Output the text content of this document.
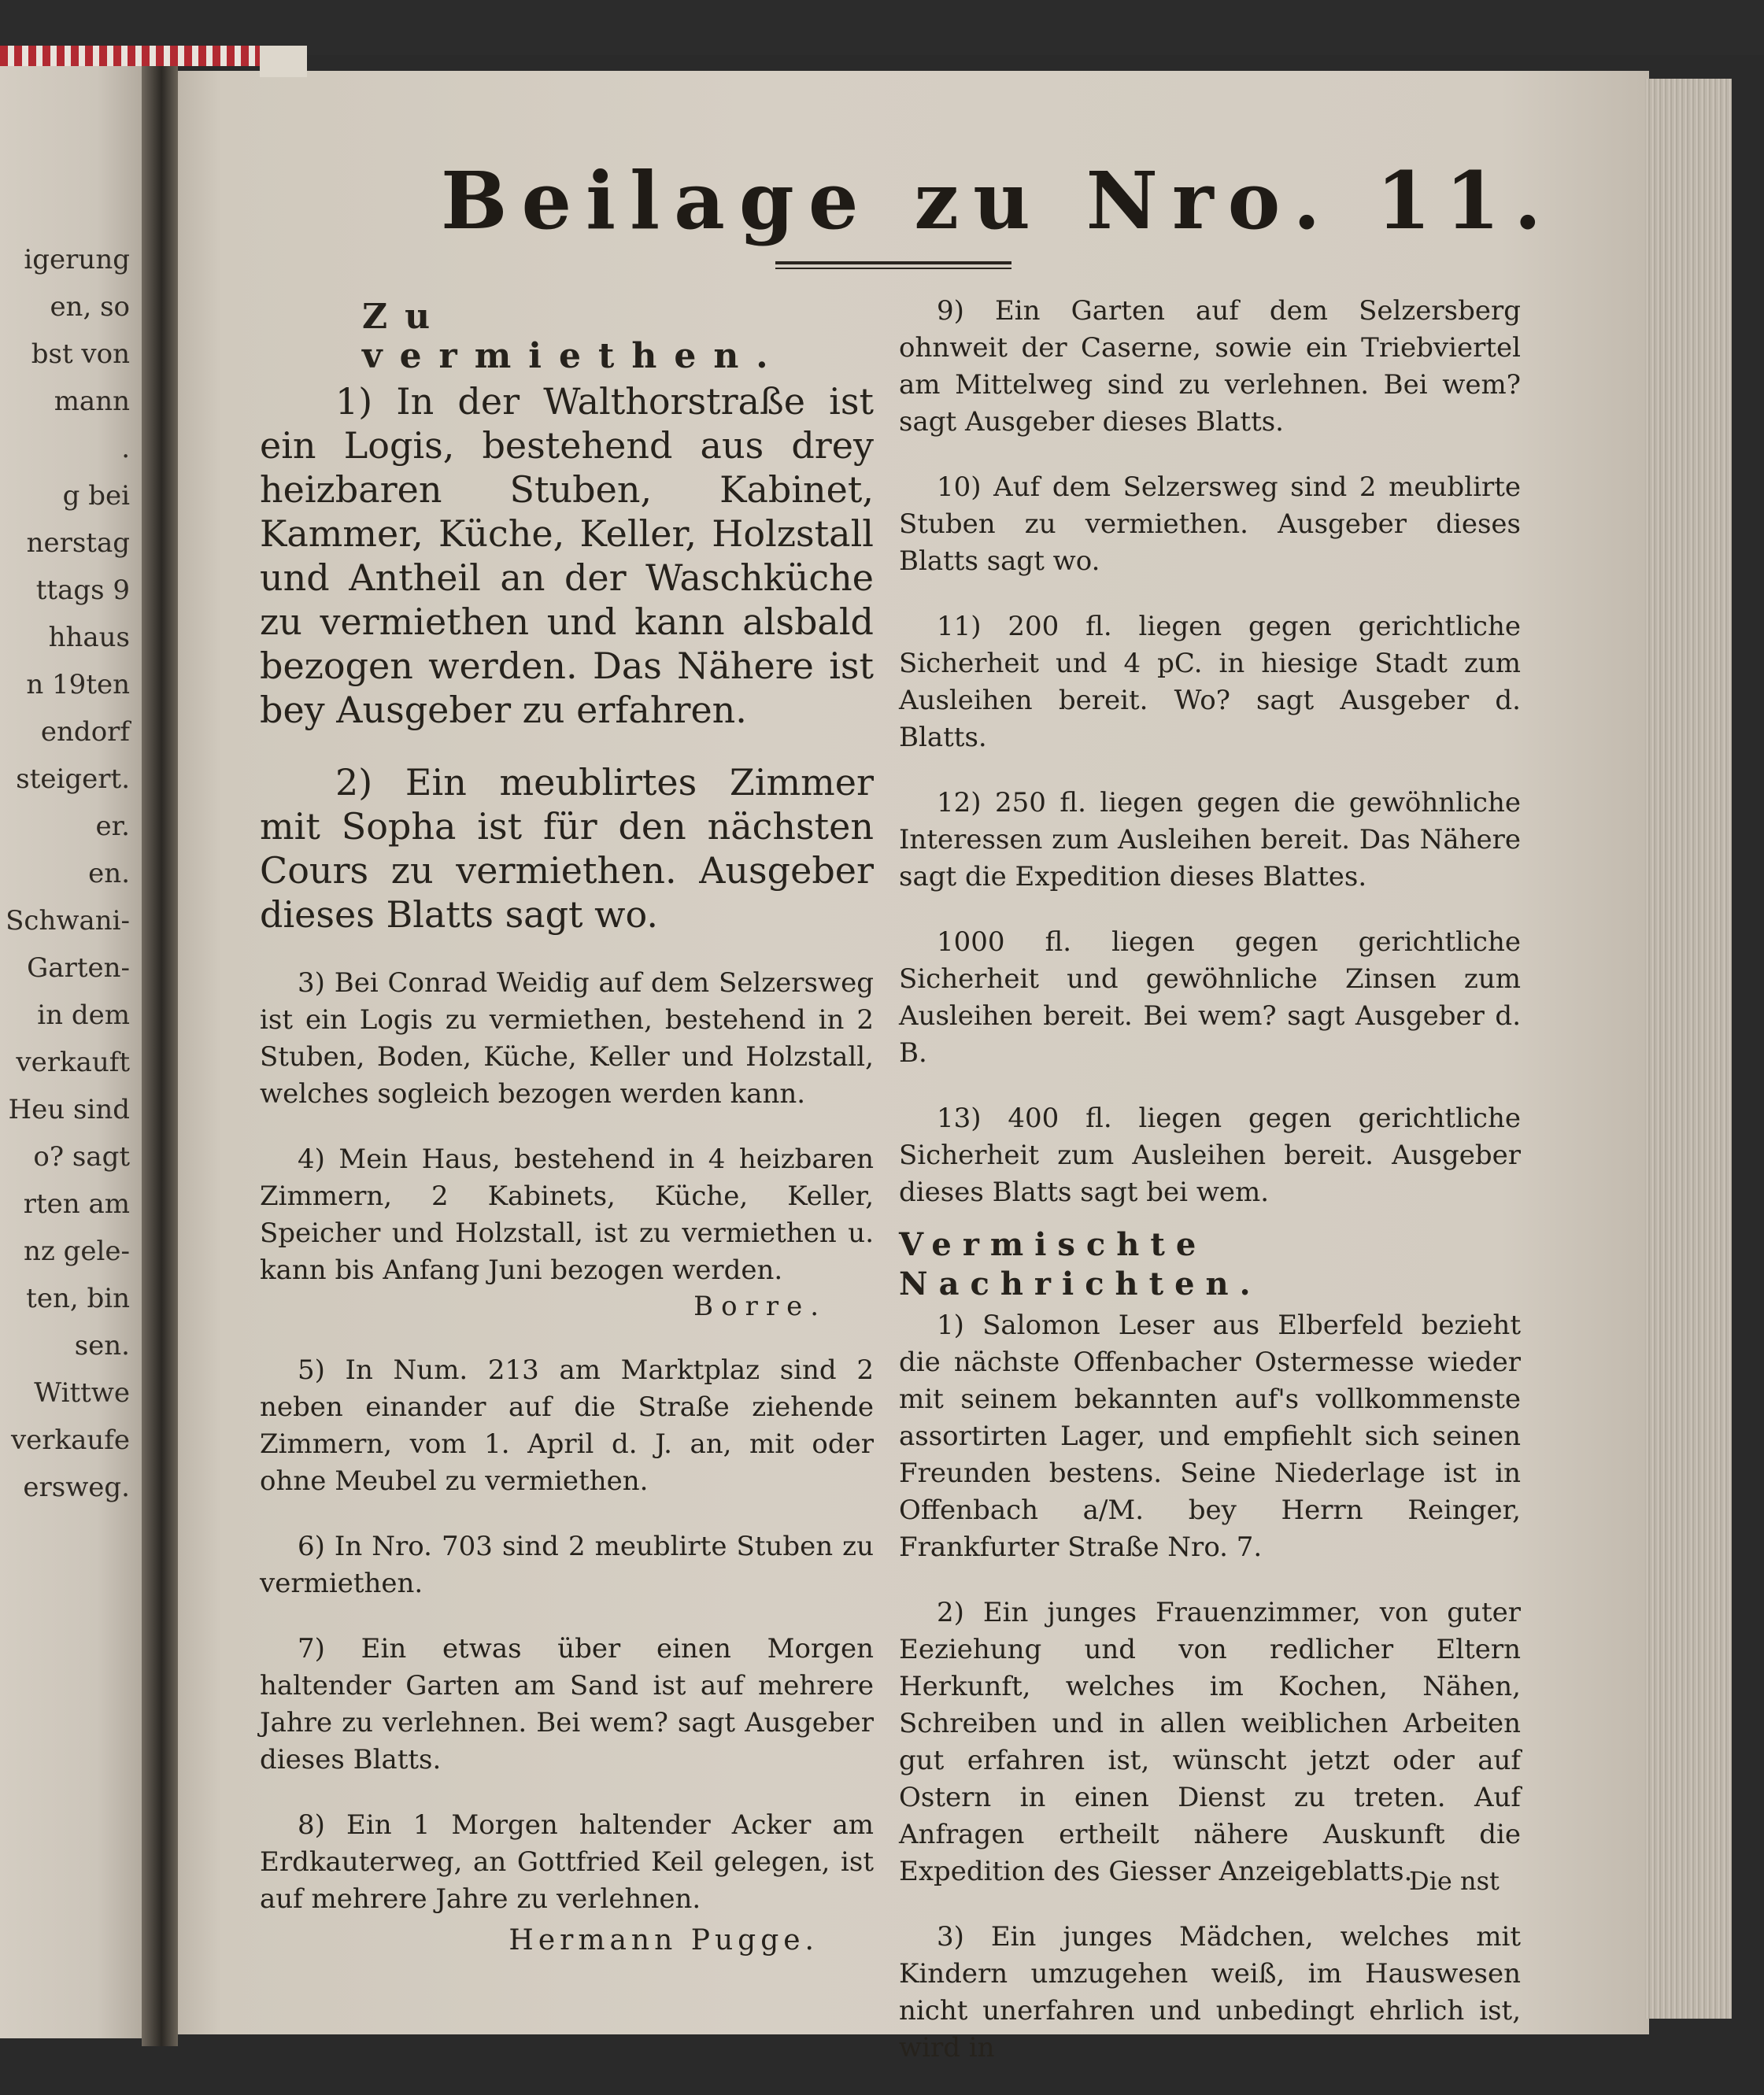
igerung
en, so
bst von
mann
.
g bei
nerstag
ttags 9
hhaus
n 19ten
endorf
steigert.
er.
en.
Schwani-
Garten-
in dem
verkauft
Heu sind
o? sagt
rten am
nz gele-
ten, bin
sen.
Wittwe
verkaufe
ersweg.
Beilage zu Nro. 11.
Zu vermiethen.

1) In der Walthorstraße ist ein Logis, bestehend aus drey heizbaren Stuben, Kabinet, Kammer, Küche, Keller, Holzstall und Antheil an der Waschküche zu vermiethen und kann alsbald bezogen werden. Das Nähere ist bey Ausgeber zu erfahren.

2) Ein meublirtes Zimmer mit Sopha ist für den nächsten Cours zu vermiethen. Ausgeber dieses Blatts sagt wo.

3) Bei Conrad Weidig auf dem Selzersweg ist ein Logis zu vermiethen, bestehend in 2 Stuben, Boden, Küche, Keller und Holzstall, welches sogleich bezogen werden kann.

4) Mein Haus, bestehend in 4 heizbaren Zimmern, 2 Kabinets, Küche, Keller, Speicher und Holzstall, ist zu vermiethen u. kann bis Anfang Juni bezogen werden.

Borre.

5) In Num. 213 am Marktplaz sind 2 neben einander auf die Straße ziehende Zimmern, vom 1. April d. J. an, mit oder ohne Meubel zu vermiethen.

6) In Nro. 703 sind 2 meublirte Stuben zu vermiethen.

7) Ein etwas über einen Morgen haltender Garten am Sand ist auf mehrere Jahre zu verlehnen. Bei wem? sagt Ausgeber dieses Blatts.

8) Ein 1 Morgen haltender Acker am Erdkauterweg, an Gottfried Keil gelegen, ist auf mehrere Jahre zu verlehnen.

Hermann Pugge.

9) Ein Garten auf dem Selzersberg ohnweit der Caserne, sowie ein Triebviertel am Mittelweg sind zu verlehnen. Bei wem? sagt Ausgeber dieses Blatts.

10) Auf dem Selzersweg sind 2 meublirte Stuben zu vermiethen. Ausgeber dieses Blatts sagt wo.

11) 200 fl. liegen gegen gerichtliche Sicherheit und 4 pC. in hiesige Stadt zum Ausleihen bereit. Wo? sagt Ausgeber d. Blatts.

12) 250 fl. liegen gegen die gewöhnliche Interessen zum Ausleihen bereit. Das Nähere sagt die Expedition dieses Blattes.

1000 fl. liegen gegen gerichtliche Sicherheit und gewöhnliche Zinsen zum Ausleihen bereit. Bei wem? sagt Ausgeber d. B.

13) 400 fl. liegen gegen gerichtliche Sicherheit zum Ausleihen bereit. Ausgeber dieses Blatts sagt bei wem.

Vermischte Nachrichten.

1) Salomon Leser aus Elberfeld bezieht die nächste Offenbacher Ostermesse wieder mit seinem bekannten auf's vollkommenste assortirten Lager, und empfiehlt sich seinen Freunden bestens. Seine Niederlage ist in Offenbach a/M. bey Herrn Reinger, Frankfurter Straße Nro. 7.

2) Ein junges Frauenzimmer, von guter Eeziehung und von redlicher Eltern Herkunft, welches im Kochen, Nähen, Schreiben und in allen weiblichen Arbeiten gut erfahren ist, wünscht jetzt oder auf Ostern in einen Dienst zu treten. Auf Anfragen ertheilt nähere Auskunft die Expedition des Giesser Anzeigeblatts.

3) Ein junges Mädchen, welches mit Kindern umzugehen weiß, im Hauswesen nicht unerfahren und unbedingt ehrlich ist, wird in

Die nst
